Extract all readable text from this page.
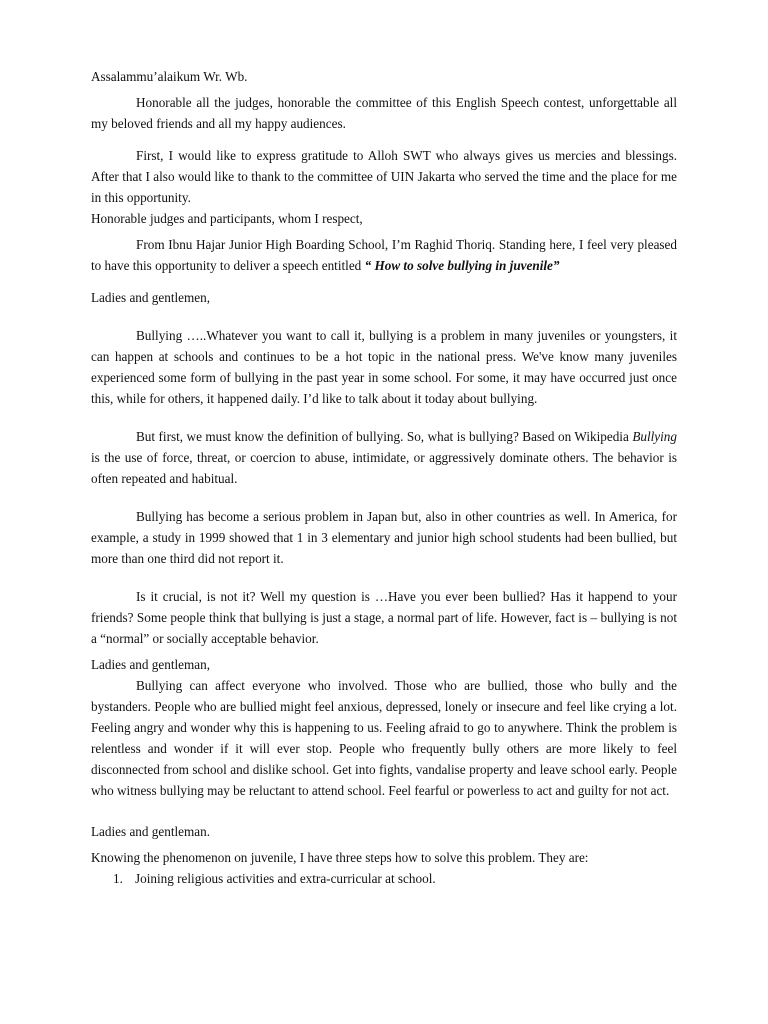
Assalammu’alaikum Wr. Wb.

Honorable all the judges, honorable the committee of this English Speech contest, unforgettable all my beloved friends and all my happy audiences.

First, I would like to express gratitude to Alloh SWT who always gives us mercies and blessings. After that I also would like to thank to the committee of UIN Jakarta who served the time and the place for me in this opportunity.

Honorable judges and participants, whom I respect,

From Ibnu Hajar Junior High Boarding School, I’m Raghid Thoriq. Standing here, I feel very pleased to have this opportunity to deliver a speech entitled “ How to solve bullying in juvenile”

Ladies and gentlemen,

Bullying …..Whatever you want to call it, bullying is a problem in many juveniles or youngsters, it can happen at schools and continues to be a hot topic in the national press. We've know many juveniles experienced some form of bullying in the past year in some school. For some, it may have occurred just once this, while for others, it happened daily. I’d like to talk about it today about bullying.

But first, we must know the definition of bullying. So, what is bullying? Based on Wikipedia Bullying is the use of force, threat, or coercion to abuse, intimidate, or aggressively dominate others. The behavior is often repeated and habitual.

Bullying has become a serious problem in Japan but, also in other countries as well. In America, for example, a study in 1999 showed that 1 in 3 elementary and junior high school students had been bullied, but more than one third did not report it.

Is it crucial, is not it? Well my question is …Have you ever been bullied? Has it happend to your friends? Some people think that bullying is just a stage, a normal part of life. However, fact is – bullying is not a “normal” or socially acceptable behavior.

Ladies and gentleman,

Bullying can affect everyone who involved. Those who are bullied, those who bully and the bystanders. People who are bullied might feel anxious, depressed, lonely or insecure and feel like crying a lot. Feeling angry and wonder why this is happening to us. Feeling afraid to go to anywhere. Think the problem is relentless and wonder if it will ever stop. People who frequently bully others are more likely to feel disconnected from school and dislike school. Get into fights, vandalise property and leave school early. People who witness bullying may be reluctant to attend school. Feel fearful or powerless to act and guilty for not act.

Ladies and gentleman.

Knowing the phenomenon on juvenile, I have three steps how to solve this problem. They are:

1. Joining religious activities and extra-curricular at school.
